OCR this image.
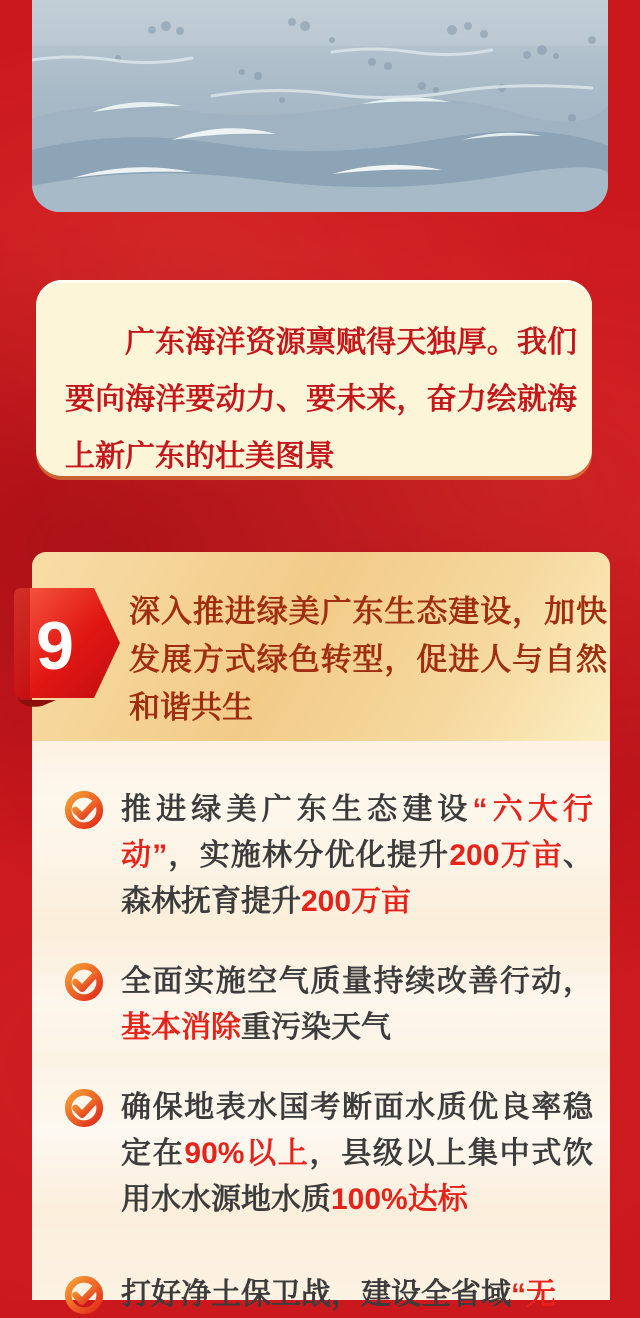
广东海洋资源禀赋得天独厚。我们要向海洋要动力、要未来，奋力绘就海上新广东的壮美图景

9	深入推进绿美广东生态建设，加快发展方式绿色转型，促进人与自然和谐共生

推进绿美广东生态建设“六大行动”，实施林分优化提升200万亩、森林抚育提升200万亩

全面实施空气质量持续改善行动，基本消除重污染天气

确保地表水国考断面水质优良率稳定在90%以上，县级以上集中式饮用水水源地水质100%达标

打好净土保卫战，建设全省域“无
